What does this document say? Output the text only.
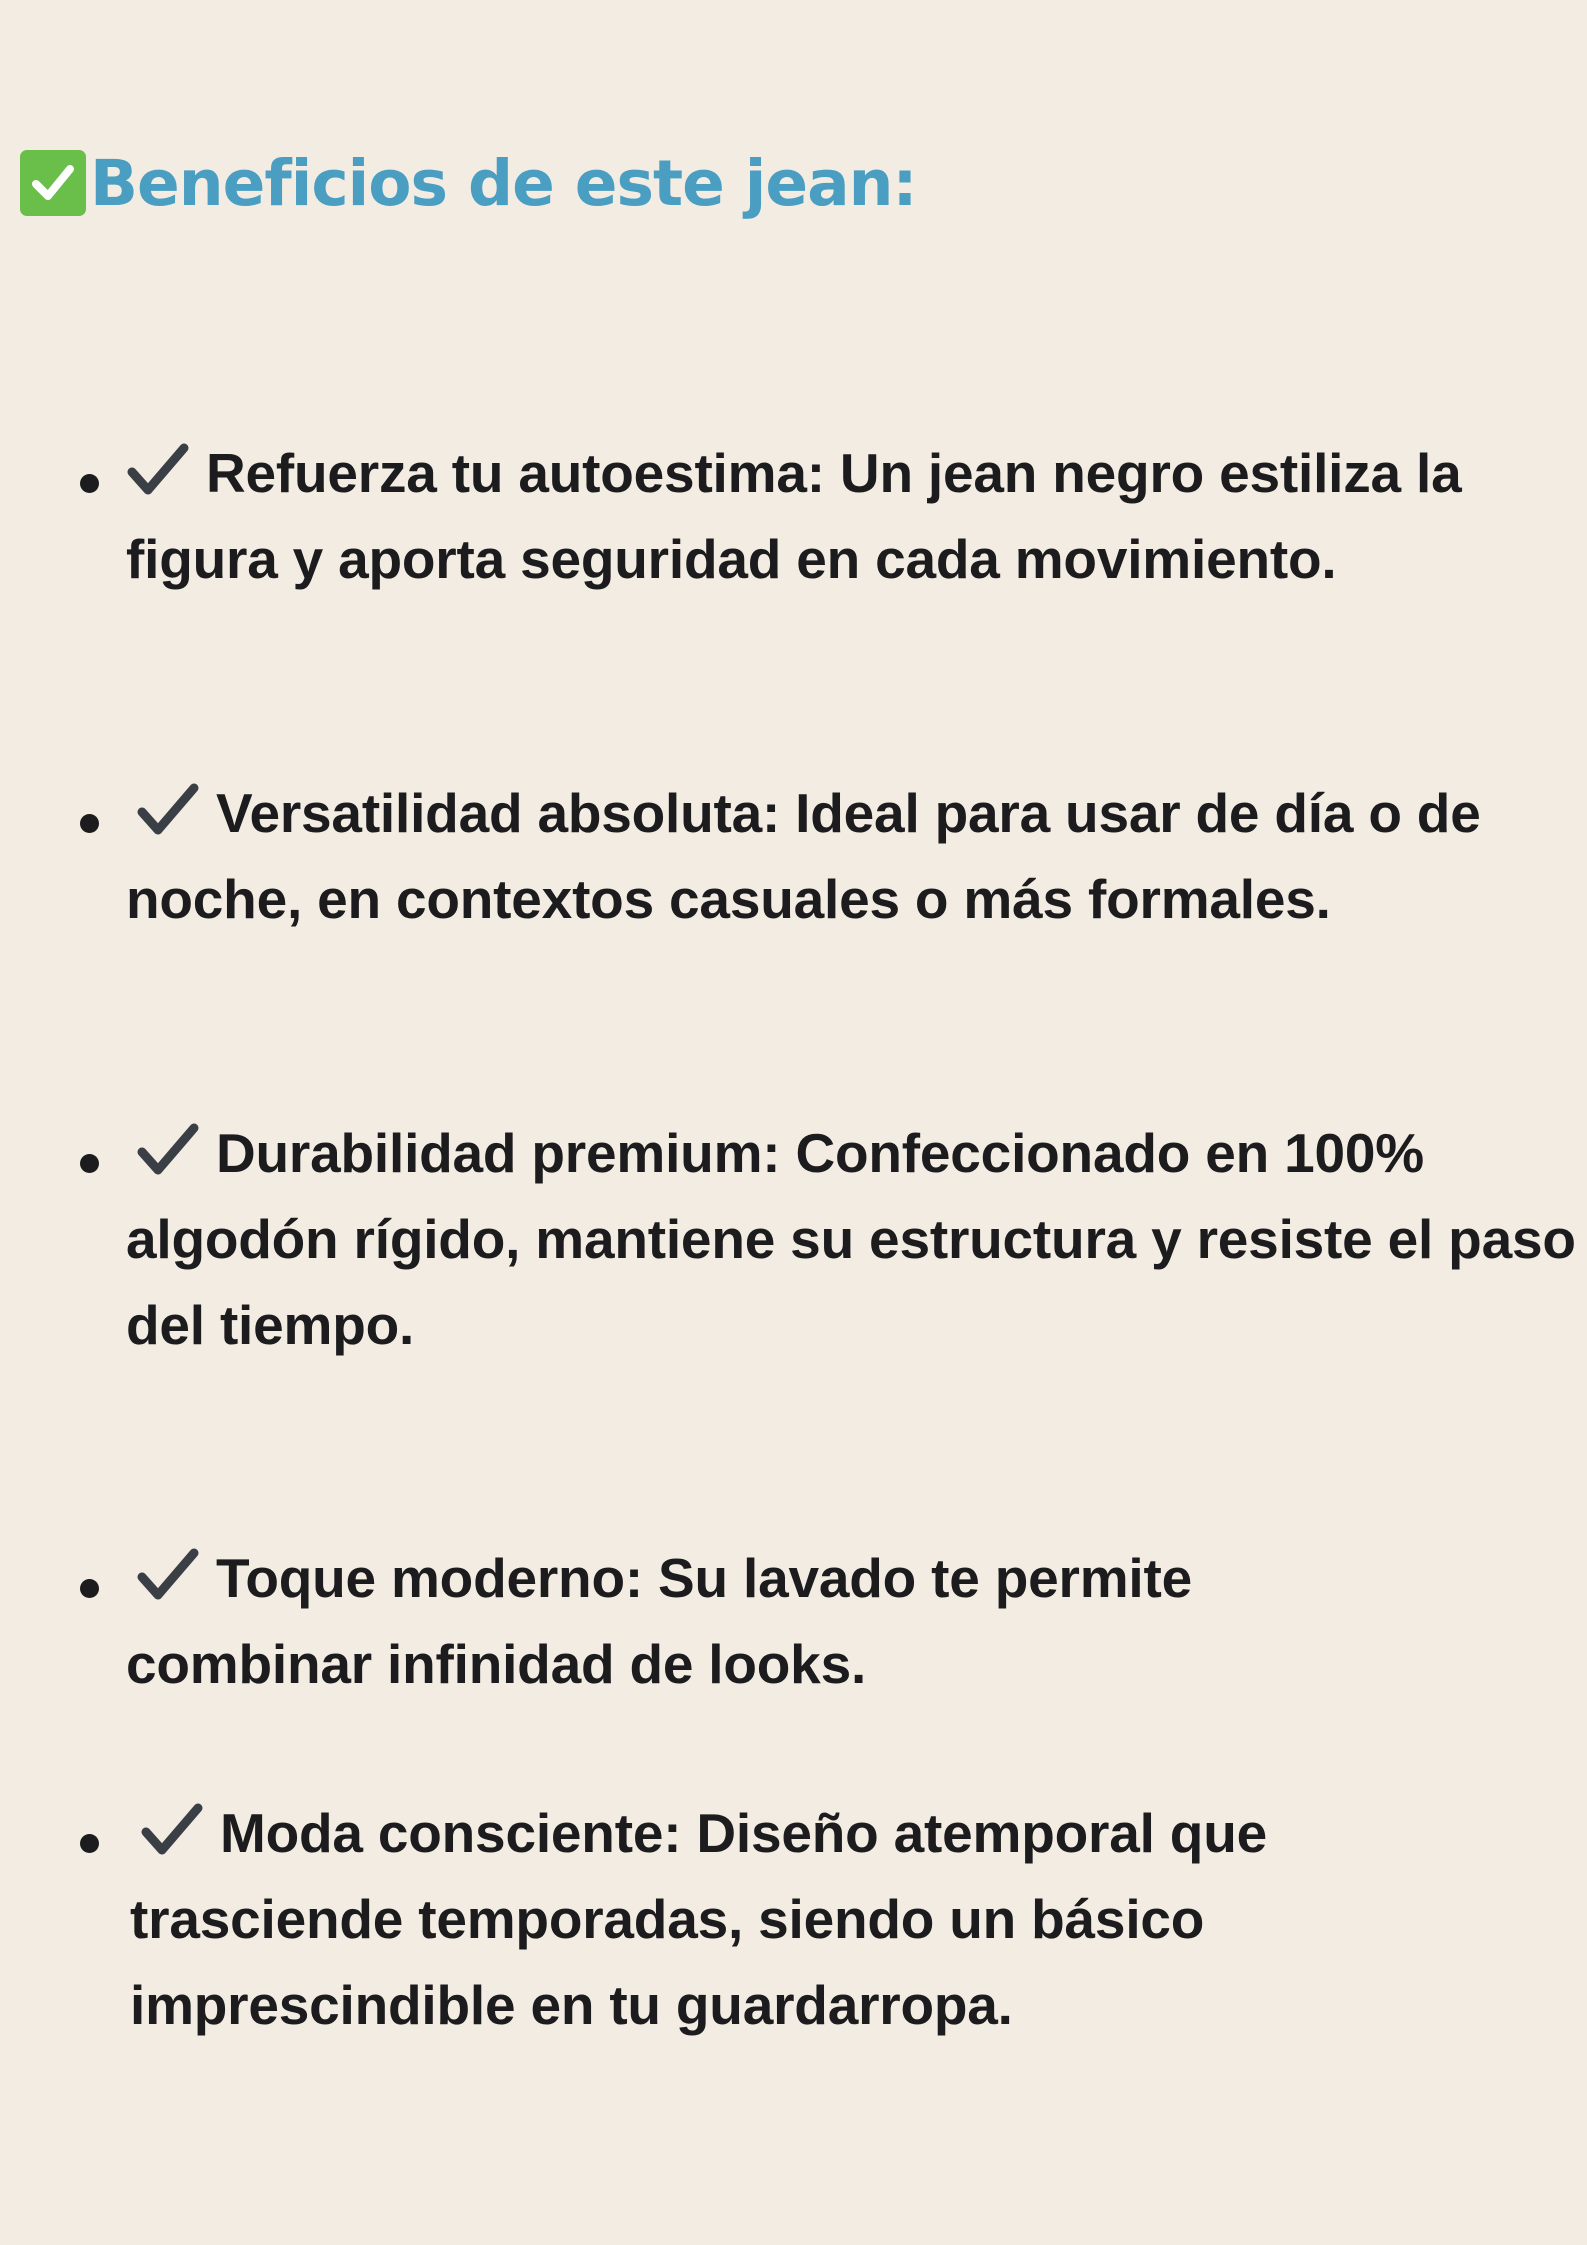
Beneficios de este jean:

Refuerza tu autoestima: Un jean negro estiliza la figura y aporta seguridad en cada movimiento.

Versatilidad absoluta: Ideal para usar de día o de noche, en contextos casuales o más formales.

Durabilidad premium: Confeccionado en 100% algodón rígido, mantiene su estructura y resiste el paso del tiempo.

Toque moderno: Su lavado te permite combinar infinidad de looks.

Moda consciente: Diseño atemporal que trasciende temporadas, siendo un básico imprescindible en tu guardarropa.
